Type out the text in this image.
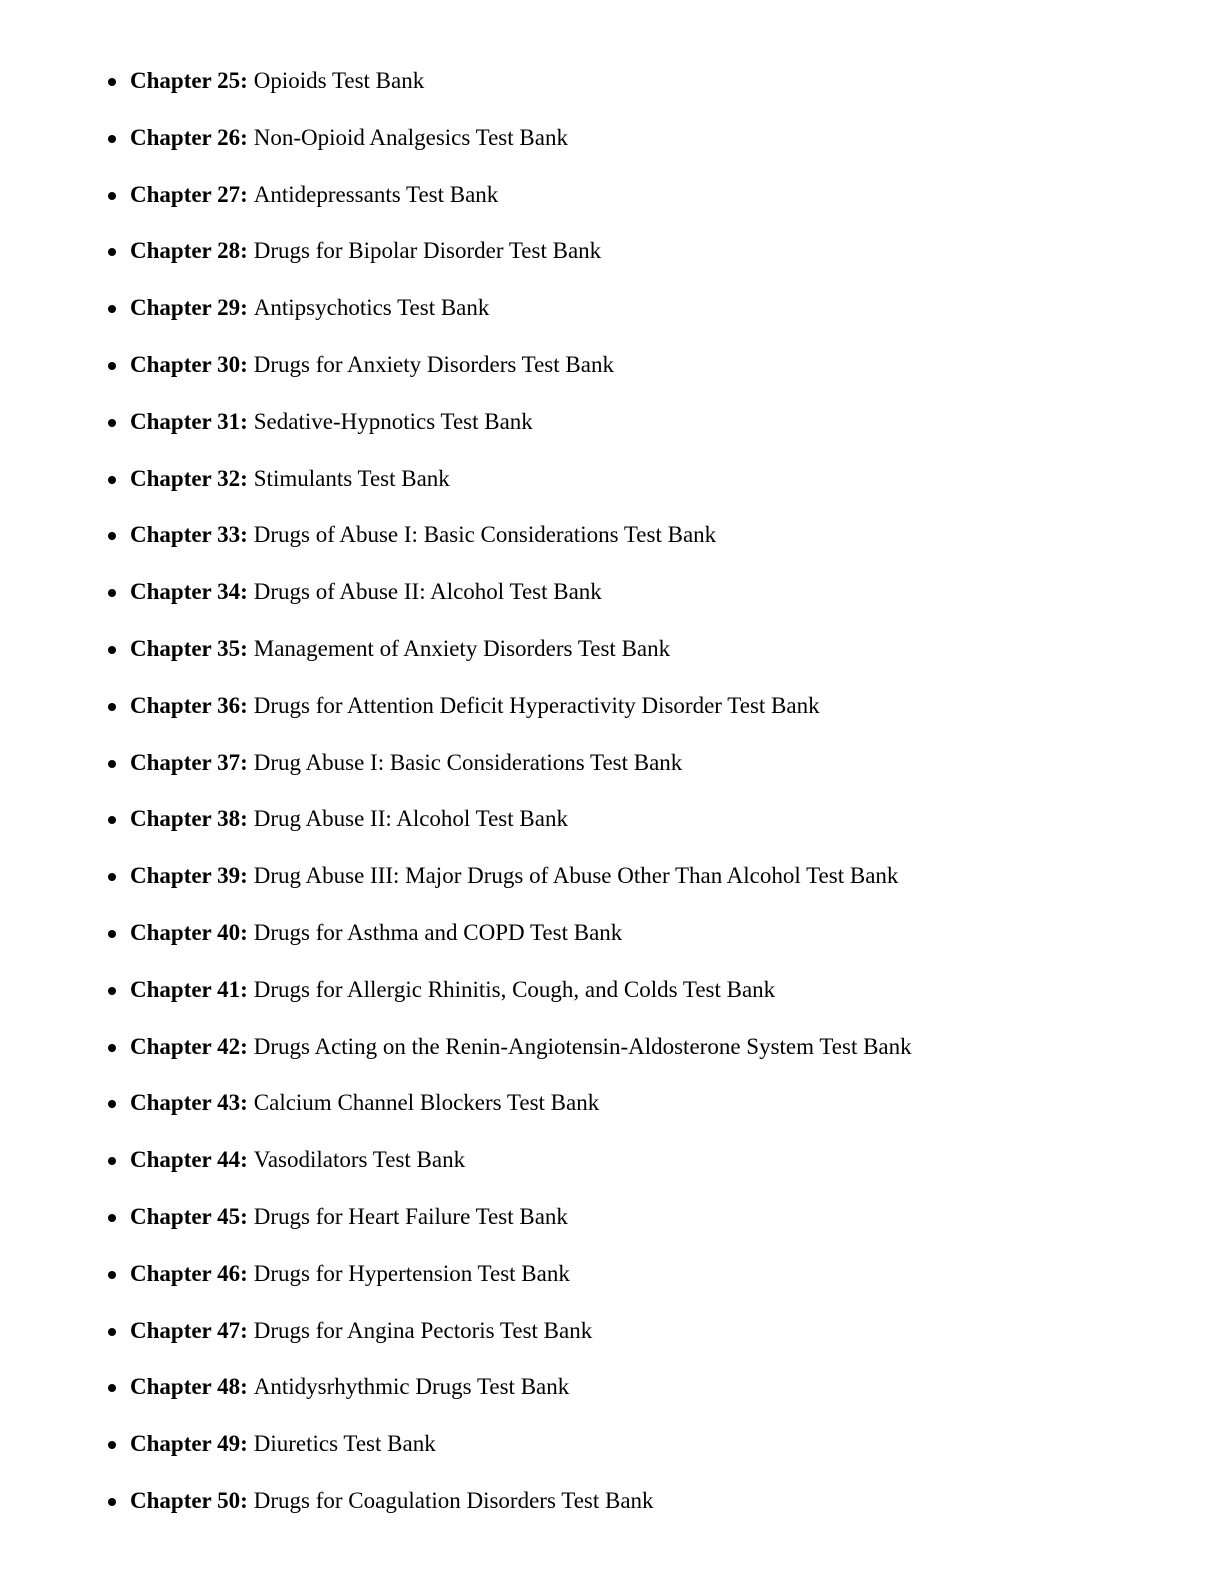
Chapter 25: Opioids Test Bank
Chapter 26: Non-Opioid Analgesics Test Bank
Chapter 27: Antidepressants Test Bank
Chapter 28: Drugs for Bipolar Disorder Test Bank
Chapter 29: Antipsychotics Test Bank
Chapter 30: Drugs for Anxiety Disorders Test Bank
Chapter 31: Sedative-Hypnotics Test Bank
Chapter 32: Stimulants Test Bank
Chapter 33: Drugs of Abuse I: Basic Considerations Test Bank
Chapter 34: Drugs of Abuse II: Alcohol Test Bank
Chapter 35: Management of Anxiety Disorders Test Bank
Chapter 36: Drugs for Attention Deficit Hyperactivity Disorder Test Bank
Chapter 37: Drug Abuse I: Basic Considerations Test Bank
Chapter 38: Drug Abuse II: Alcohol Test Bank
Chapter 39: Drug Abuse III: Major Drugs of Abuse Other Than Alcohol Test Bank
Chapter 40: Drugs for Asthma and COPD Test Bank
Chapter 41: Drugs for Allergic Rhinitis, Cough, and Colds Test Bank
Chapter 42: Drugs Acting on the Renin-Angiotensin-Aldosterone System Test Bank
Chapter 43: Calcium Channel Blockers Test Bank
Chapter 44: Vasodilators Test Bank
Chapter 45: Drugs for Heart Failure Test Bank
Chapter 46: Drugs for Hypertension Test Bank
Chapter 47: Drugs for Angina Pectoris Test Bank
Chapter 48: Antidysrhythmic Drugs Test Bank
Chapter 49: Diuretics Test Bank
Chapter 50: Drugs for Coagulation Disorders Test Bank
